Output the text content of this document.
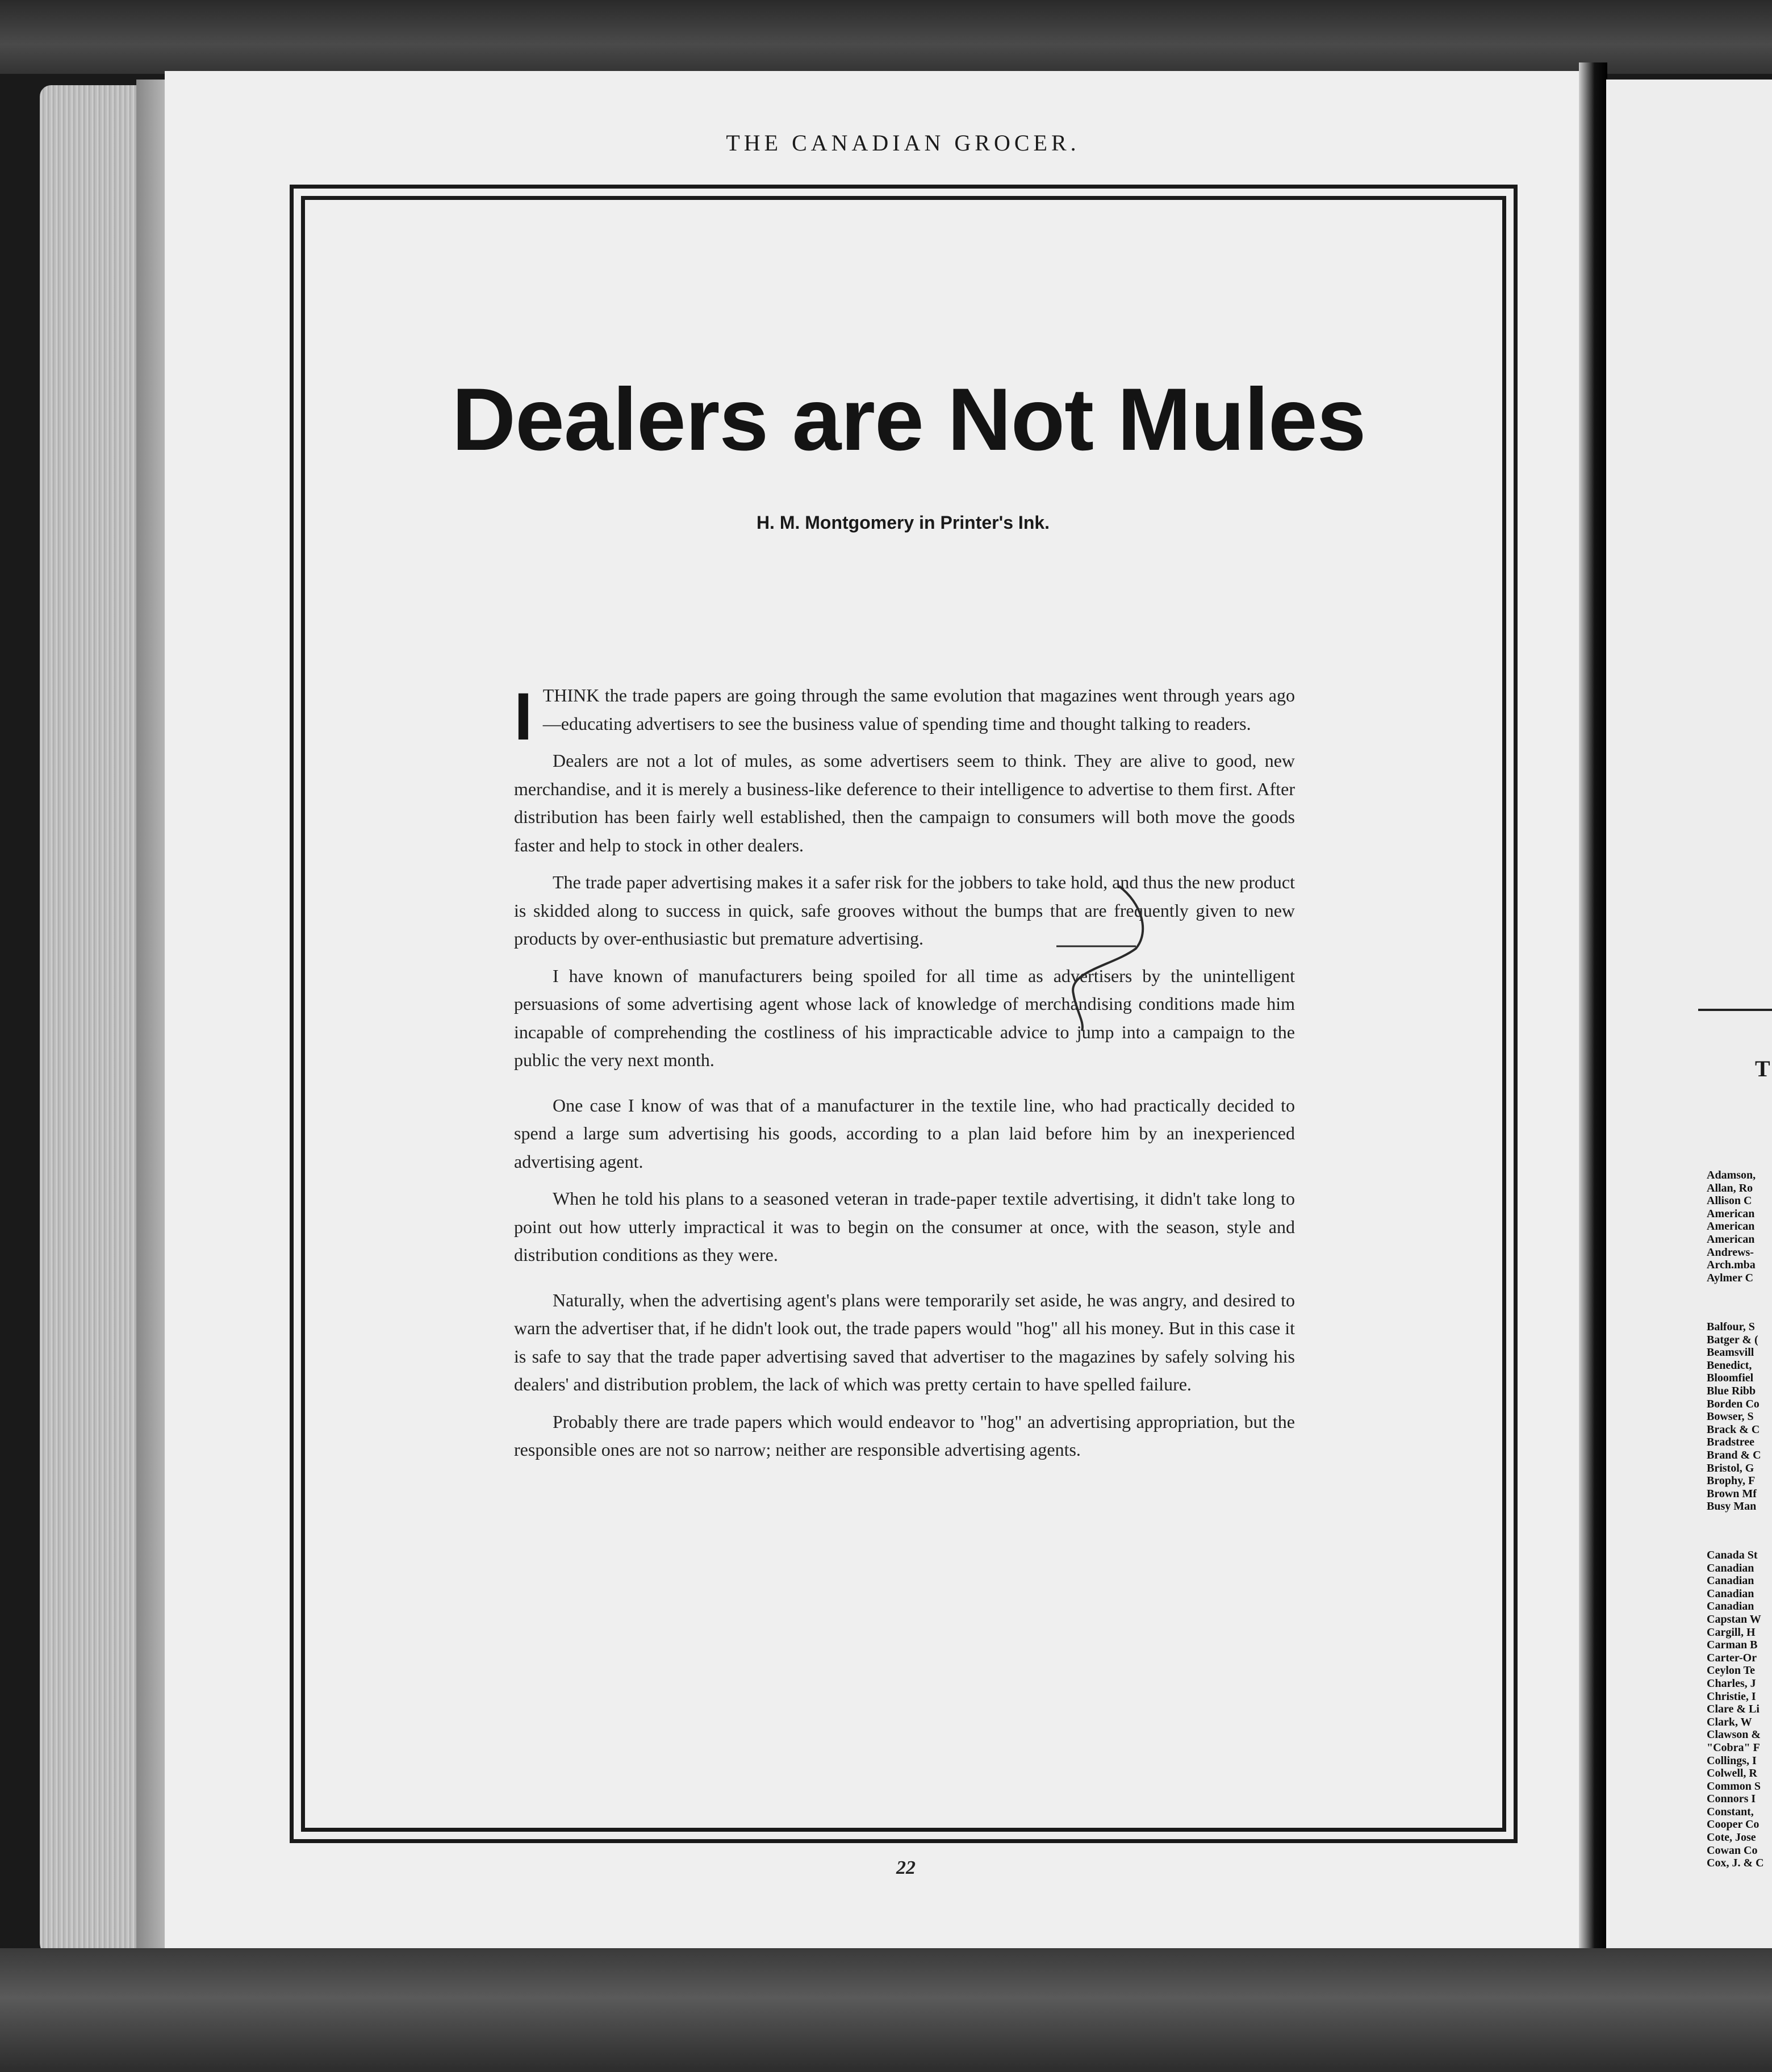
THE CANADIAN GROCER.
Dealers are Not Mules
H. M. Montgomery in Printer's Ink.

ITHINK the trade papers are going through the same evolution that magazines went through years ago—educating advertisers to see the business value of spending time and thought talking to readers.

Dealers are not a lot of mules, as some advertisers seem to think. They are alive to good, new merchandise, and it is merely a business-like deference to their intelligence to advertise to them first. After distribution has been fairly well established, then the campaign to consumers will both move the goods faster and help to stock in other dealers.

The trade paper advertising makes it a safer risk for the jobbers to take hold, and thus the new product is skidded along to success in quick, safe grooves without the bumps that are frequently given to new products by over-enthusiastic but premature advertising.

I have known of manufacturers being spoiled for all time as advertisers by the unintelligent persuasions of some advertising agent whose lack of knowledge of merchandising conditions made him incapable of comprehending the costliness of his impracticable advice to jump into a campaign to the public the very next month.

One case I know of was that of a manufacturer in the textile line, who had practically decided to spend a large sum advertising his goods, according to a plan laid before him by an inexperienced advertising agent.

When he told his plans to a seasoned veteran in trade-paper textile advertising, it didn't take long to point out how utterly impractical it was to begin on the consumer at once, with the season, style and distribution conditions as they were.

Naturally, when the advertising agent's plans were temporarily set aside, he was angry, and desired to warn the advertiser that, if he didn't look out, the trade papers would "hog" all his money. But in this case it is safe to say that the trade paper advertising saved that advertiser to the magazines by safely solving his dealers' and distribution problem, the lack of which was pretty certain to have spelled failure.

Probably there are trade papers which would endeavor to "hog" an advertising appropriation, but the responsible ones are not so narrow; neither are responsible advertising agents.

22
T
Adamson,
Allan, Ro
Allison C
American
American
American
Andrews-
Arch.mba
Aylmer C
Balfour, S
Batger & (
Beamsvill
Benedict,
Bloomfiel
Blue Ribb
Borden Co
Bowser, S
Brack & C
Bradstree
Brand & C
Bristol, G
Brophy, F
Brown Mf
Busy Man
Canada St
Canadian
Canadian
Canadian
Canadian
Capstan W
Cargill, H
Carman B
Carter-Or
Ceylon Te
Charles, J
Christie, I
Clare & Li
Clark, W
Clawson &
"Cobra" F
Collings, I
Colwell, R
Common S
Connors I
Constant,
Cooper Co
Cote, Jose
Cowan Co
Cox, J. & C
